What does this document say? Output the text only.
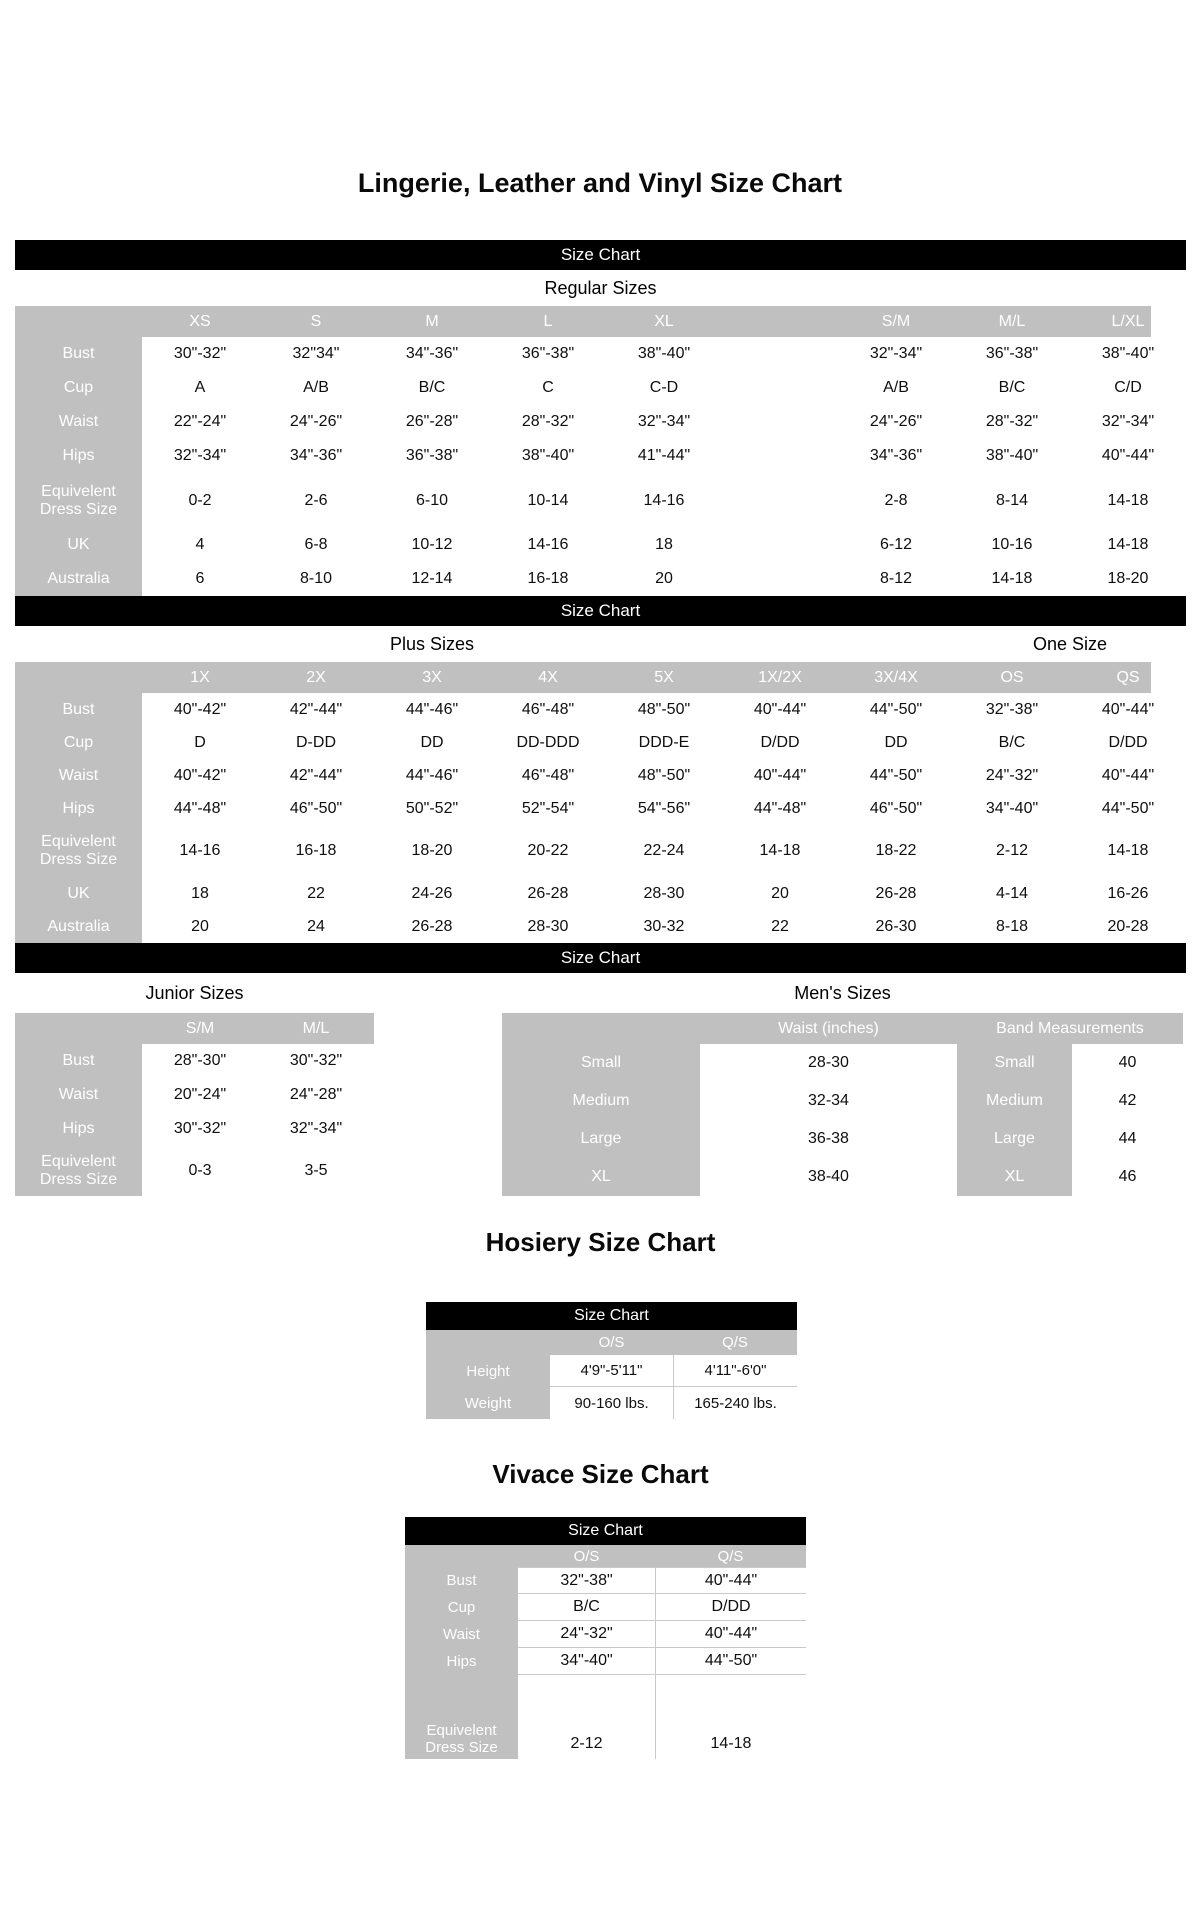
Lingerie, Leather and Vinyl Size Chart
Size Chart
Regular Sizes
XS	S	M	L	XL	S/M	M/L	L/XL
Bust	30"-32"	32"34"	34"-36"	36"-38"	38"-40"	32"-34"	36"-38"	38"-40"
Cup	A	A/B	B/C	C	C-D	A/B	B/C	C/D
Waist	22"-24"	24"-26"	26"-28"	28"-32"	32"-34"	24"-26"	28"-32"	32"-34"
Hips	32"-34"	34"-36"	36"-38"	38"-40"	41"-44"	34"-36"	38"-40"	40"-44"
Equivelent
Dress Size
0-2	2-6	6-10	10-14	14-16	2-8	8-14	14-18
UK	4	6-8	10-12	14-16	18	6-12	10-16	14-18
Australia	6	8-10	12-14	16-18	20	8-12	14-18	18-20
Size Chart
Plus Sizes	One Size
1X	2X	3X	4X	5X	1X/2X	3X/4X	OS	QS
Bust	40"-42"	42"-44"	44"-46"	46"-48"	48"-50"	40"-44"	44"-50"	32"-38"	40"-44"
Cup	D	D-DD	DD	DD-DDD	DDD-E	D/DD	DD	B/C	D/DD
Waist	40"-42"	42"-44"	44"-46"	46"-48"	48"-50"	40"-44"	44"-50"	24"-32"	40"-44"
Hips	44"-48"	46"-50"	50"-52"	52"-54"	54"-56"	44"-48"	46"-50"	34"-40"	44"-50"
Equivelent
Dress Size
14-16	16-18	18-20	20-22	22-24	14-18	18-22	2-12	14-18
UK	18	22	24-26	26-28	28-30	20	26-28	4-14	16-26
Australia	20	24	26-28	28-30	30-32	22	26-30	8-18	20-28
Size Chart
Junior Sizes	Men's Sizes
S/M	M/L
Bust	28"-30"	30"-32"
Waist	20"-24"	24"-28"
Hips	30"-32"	32"-34"
Equivelent
Dress Size
0-3	3-5
Waist (inches)	Band Measurements
Small	28-30	Small	40
Medium	32-34	Medium	42
Large	36-38	Large	44
XL	38-40	XL	46
Hosiery Size Chart
Size Chart
O/S	Q/S
Height	4'9"-5'11"	4'11"-6'0"
Weight	90-160 lbs.	165-240 lbs.
Vivace Size Chart
Size Chart
O/S	Q/S
Bust	32"-38"	40"-44"
Cup	B/C	D/DD
Waist	24"-32"	40"-44"
Hips	34"-40"	44"-50"
Equivelent
Dress Size	2-12	14-18
